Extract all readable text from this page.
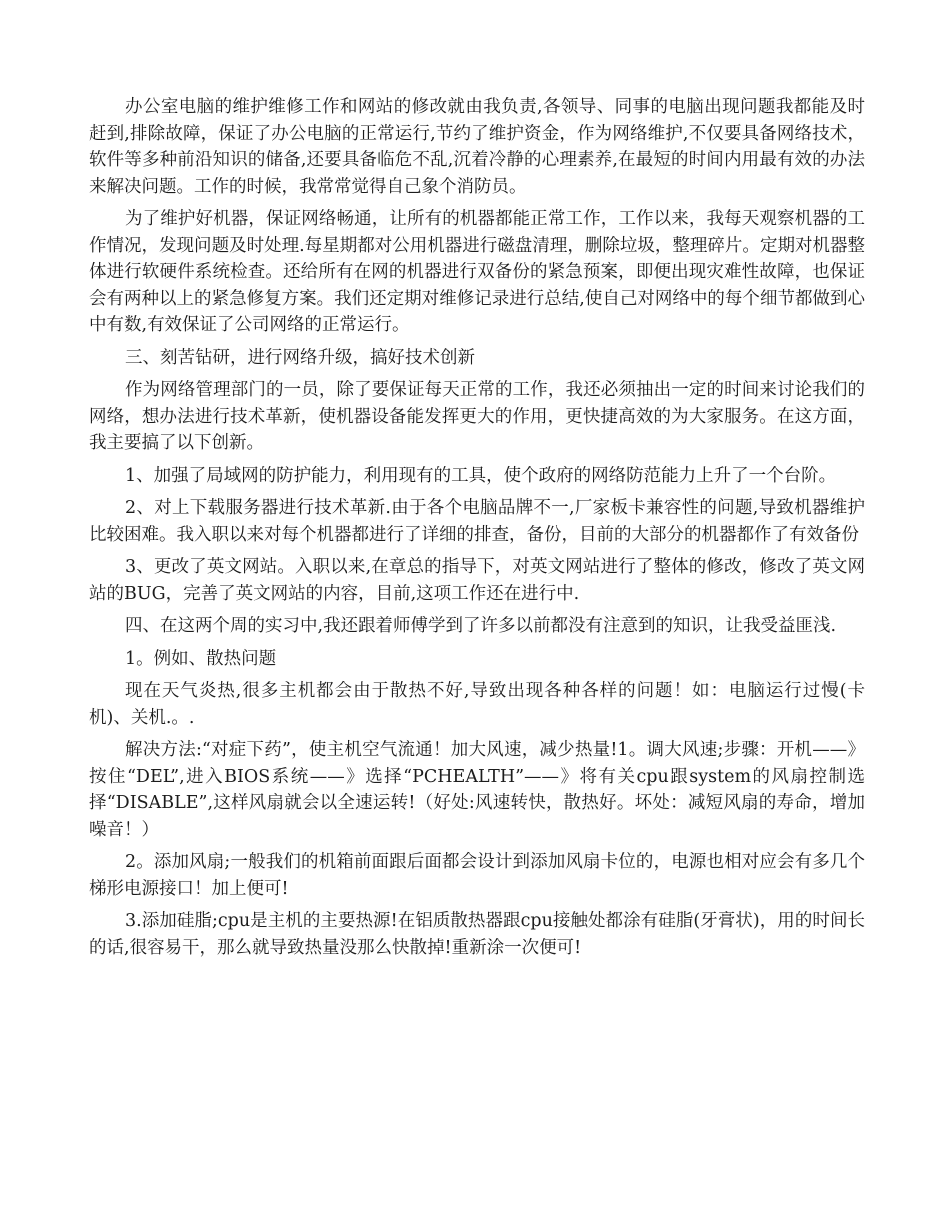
办公室电脑的维护维修工作和网站的修改就由我负责,各领导、同事的电脑出现问题我都能及时赶到,排除故障，保证了办公电脑的正常运行,节约了维护资金，作为网络维护,不仅要具备网络技术，软件等多种前沿知识的储备,还要具备临危不乱,沉着冷静的心理素养,在最短的时间内用最有效的办法来解决问题。工作的时候，我常常觉得自己象个消防员。

为了维护好机器，保证网络畅通，让所有的机器都能正常工作，工作以来，我每天观察机器的工作情况，发现问题及时处理.每星期都对公用机器进行磁盘清理，删除垃圾，整理碎片。定期对机器整体进行软硬件系统检查。还给所有在网的机器进行双备份的紧急预案，即便出现灾难性故障，也保证会有两种以上的紧急修复方案。我们还定期对维修记录进行总结,使自己对网络中的每个细节都做到心中有数,有效保证了公司网络的正常运行。

三、刻苦钻研，进行网络升级，搞好技术创新

作为网络管理部门的一员，除了要保证每天正常的工作，我还必须抽出一定的时间来讨论我们的网络，想办法进行技术革新，使机器设备能发挥更大的作用，更快捷高效的为大家服务。在这方面，我主要搞了以下创新。

1、加强了局域网的防护能力，利用现有的工具，使个政府的网络防范能力上升了一个台阶。

2、对上下载服务器进行技术革新.由于各个电脑品牌不一,厂家板卡兼容性的问题,导致机器维护比较困难。我入职以来对每个机器都进行了详细的排查，备份，目前的大部分的机器都作了有效备份

3、更改了英文网站。入职以来,在章总的指导下，对英文网站进行了整体的修改，修改了英文网站的BUG，完善了英文网站的内容，目前,这项工作还在进行中.

四、在这两个周的实习中,我还跟着师傅学到了许多以前都没有注意到的知识，让我受益匪浅.

1。例如、散热问题

现在天气炎热,很多主机都会由于散热不好,导致出现各种各样的问题！如：电脑运行过慢(卡机)、关机.。.

解决方法:“对症下药”，使主机空气流通！加大风速，减少热量!1。调大风速;步骤：开机——》按住“DEL”,进入BIOS系统——》选择“PCHEALTH”——》将有关cpu跟system的风扇控制选择“DISABLE”,这样风扇就会以全速运转!（好处:风速转快，散热好。坏处：减短风扇的寿命，增加噪音！）

2。添加风扇;一般我们的机箱前面跟后面都会设计到添加风扇卡位的，电源也相对应会有多几个梯形电源接口！加上便可!

3.添加硅脂;cpu是主机的主要热源!在铝质散热器跟cpu接触处都涂有硅脂(牙膏状)，用的时间长的话,很容易干，那么就导致热量没那么快散掉!重新涂一次便可!
